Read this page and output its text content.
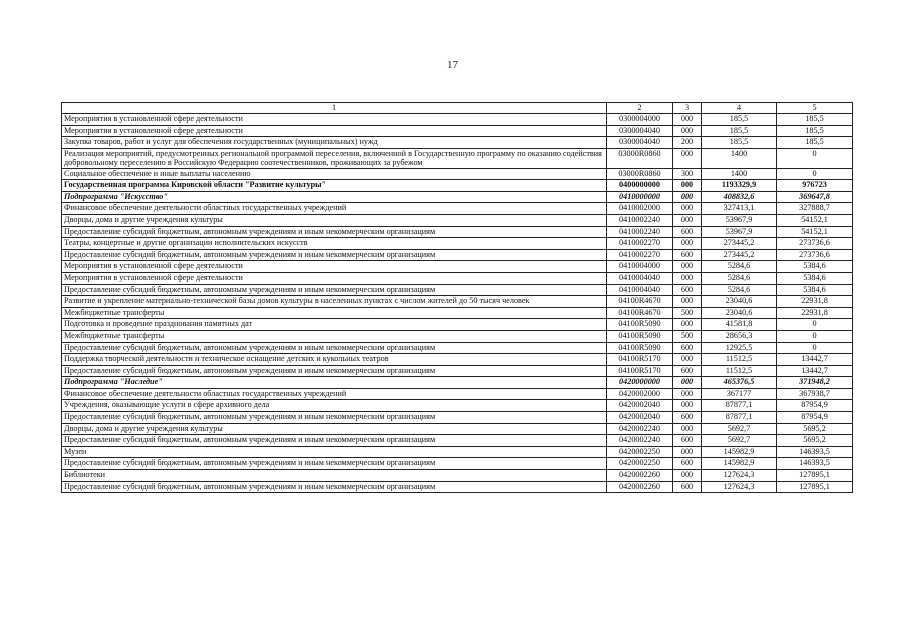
17
1	2	3	4	5
Мероприятия в установленной сфере деятельности	0300004000	000	185,5	185,5
Мероприятия в установленной сфере деятельности	0300004040	000	185,5	185,5
Закупка товаров, работ и услуг для обеспечения государственных (муниципальных) нужд	0300004040	200	185,5	185,5
Реализация мероприятий, предусмотренных региональной программой переселения, включенной в Государственную программу по оказанию содействия добровольному переселению в Российскую Федерацию соотечественников, проживающих за рубежом	03000R0860	000	1400	0
Социальное обеспечение и иные выплаты населению	03000R0860	300	1400	0
Государственная программа Кировской области "Развитие культуры"	0400000000	000	1193329,9	976723
Подпрограмма "Искусство"	0410000000	000	408832,6	369647,8
Финансовое обеспечение деятельности областных государственных учреждений	0410002000	000	327413,1	327888,7
Дворцы, дома и другие учреждения культуры	0410002240	000	53967,9	54152,1
Предоставление субсидий бюджетным, автономным учреждениям и иным некоммерческим организациям	0410002240	600	53967,9	54152,1
Театры, концертные и другие организации исполнительских искусств	0410002270	000	273445,2	273736,6
Предоставление субсидий бюджетным, автономным учреждениям и иным некоммерческим организациям	0410002270	600	273445,2	273736,6
Мероприятия в установленной сфере деятельности	0410004000	000	5284,6	5384,6
Мероприятия в установленной сфере деятельности	0410004040	000	5284,6	5384,6
Предоставление субсидий бюджетным, автономным учреждениям и иным некоммерческим организациям	0410004040	600	5284,6	5384,6
Развитие и укрепление материально-технической базы домов культуры в населенных пунктах с числом жителей до 50 тысяч человек	04100R4670	000	23040,6	22931,8
Межбюджетные трансферты	04100R4670	500	23040,6	22931,8
Подготовка и проведение празднования памятных дат	04100R5090	000	41581,8	0
Межбюджетные трансферты	04100R5090	500	28656,3	0
Предоставление субсидий бюджетным, автономным учреждениям и иным некоммерческим организациям	04100R5090	600	12925,5	0
Поддержка творческой деятельности и техническое оснащение детских и кукольных театров	04100R5170	000	11512,5	13442,7
Предоставление субсидий бюджетным, автономным учреждениям и иным некоммерческим организациям	04100R5170	600	11512,5	13442,7
Подпрограмма "Наследие"	0420000000	000	465376,5	371948,2
Финансовое обеспечение деятельности областных государственных учреждений	0420002000	000	367177	367938,7
Учреждения, оказывающие услуги в сфере архивного дела	0420002040	000	87877,1	87954,9
Предоставление субсидий бюджетным, автономным учреждениям и иным некоммерческим организациям	0420002040	600	87877,1	87954,9
Дворцы, дома и другие учреждения культуры	0420002240	000	5692,7	5695,2
Предоставление субсидий бюджетным, автономным учреждениям и иным некоммерческим организациям	0420002240	600	5692,7	5695,2
Музеи	0420002250	000	145982,9	146393,5
Предоставление субсидий бюджетным, автономным учреждениям и иным некоммерческим организациям	0420002250	600	145982,9	146393,5
Библиотеки	0420002260	000	127624,3	127895,1
Предоставление субсидий бюджетным, автономным учреждениям и иным некоммерческим организациям	0420002260	600	127624,3	127895,1
